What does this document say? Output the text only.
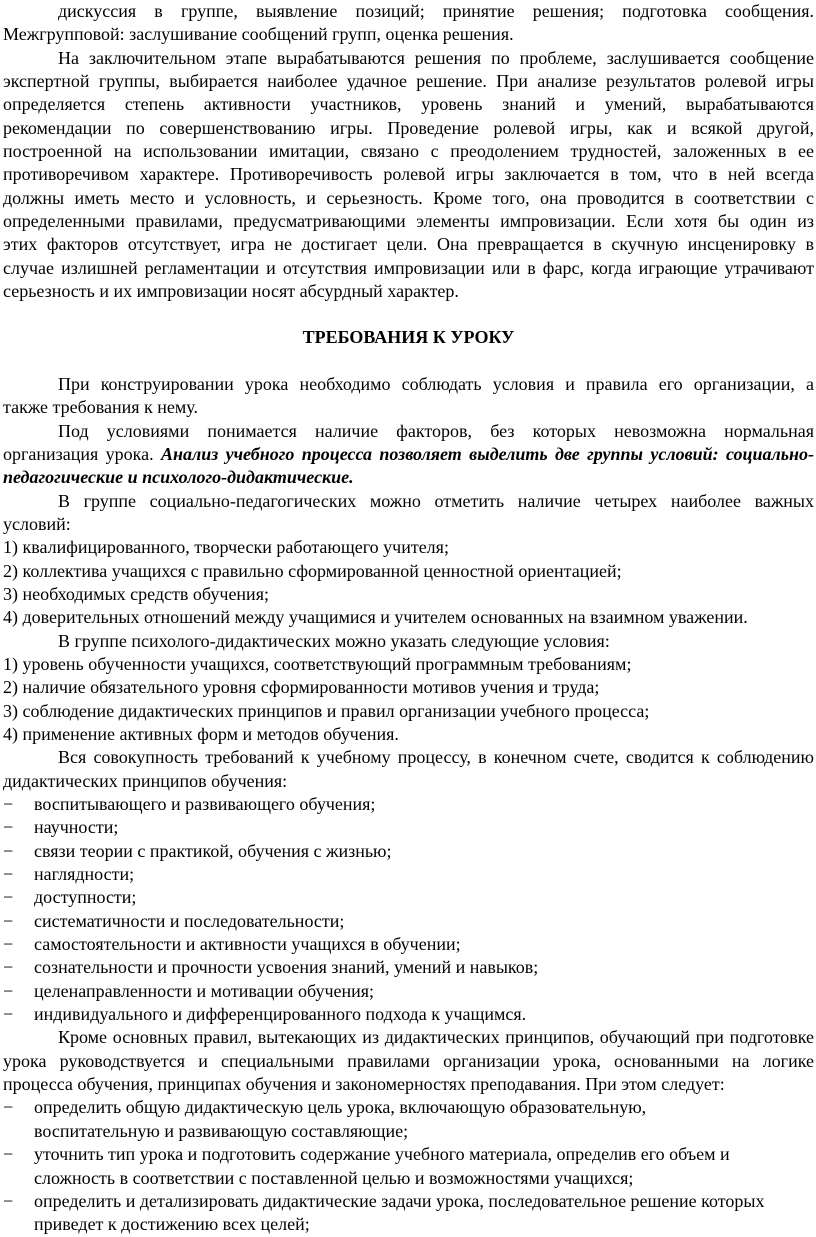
дискуссия в группе, выявление позиций; принятие решения; подготовка сообщения.
Межгрупповой: заслушивание сообщений групп, оценка решения.
На заключительном этапе вырабатываются решения по проблеме, заслушивается сообщение
экспертной группы, выбирается наиболее удачное решение. При анализе результатов ролевой игры
определяется степень активности участников, уровень знаний и умений, вырабатываются
рекомендации по совершенствованию игры. Проведение ролевой игры, как и всякой другой,
построенной на использовании имитации, связано с преодолением трудностей, заложенных в ее
противоречивом характере. Противоречивость ролевой игры заключается в том, что в ней всегда
должны иметь место и условность, и серьезность. Кроме того, она проводится в соответствии с
определенными правилами, предусматривающими элементы импровизации. Если хотя бы один из
этих факторов отсутствует, игра не достигает цели. Она превращается в скучную инсценировку в
случае излишней регламентации и отсутствия импровизации или в фарс, когда играющие утрачивают
серьезность и их импровизации носят абсурдный характер.
ТРЕБОВАНИЯ К УРОКУ
При конструировании урока необходимо соблюдать условия и правила его организации, а
также требования к нему.
Под условиями понимается наличие факторов, без которых невозможна нормальная
организация урока. Анализ учебного процесса позволяет выделить две группы условий: социально-
педагогические и психолого-дидактические.
В группе социально-педагогических можно отметить наличие четырех наиболее важных
условий:
1) квалифицированного, творчески работающего учителя;
2) коллектива учащихся с правильно сформированной ценностной ориентацией;
3) необходимых средств обучения;
4) доверительных отношений между учащимися и учителем основанных на взаимном уважении.
В группе психолого-дидактических можно указать следующие условия:
1) уровень обученности учащихся, соответствующий программным требованиям;
2) наличие обязательного уровня сформированности мотивов учения и труда;
3) соблюдение дидактических принципов и правил организации учебного процесса;
4) применение активных форм и методов обучения.
Вся совокупность требований к учебному процессу, в конечном счете, сводится к соблюдению
дидактических принципов обучения:
−	воспитывающего и развивающего обучения;
−	научности;
−	связи теории с практикой, обучения с жизнью;
−	наглядности;
−	доступности;
−	систематичности и последовательности;
−	самостоятельности и активности учащихся в обучении;
−	сознательности и прочности усвоения знаний, умений и навыков;
−	целенаправленности и мотивации обучения;
−	индивидуального и дифференцированного подхода к учащимся.
Кроме основных правил, вытекающих из дидактических принципов, обучающий при подготовке
урока руководствуется и специальными правилами организации урока, основанными на логике
процесса обучения, принципах обучения и закономерностях преподавания. При этом следует:
−	определить общую дидактическую цель урока, включающую образовательную,
воспитательную и развивающую составляющие;
−	уточнить тип урока и подготовить содержание учебного материала, определив его объем и
сложность в соответствии с поставленной целью и возможностями учащихся;
−	определить и детализировать дидактические задачи урока, последовательное решение которых
приведет к достижению всех целей;
